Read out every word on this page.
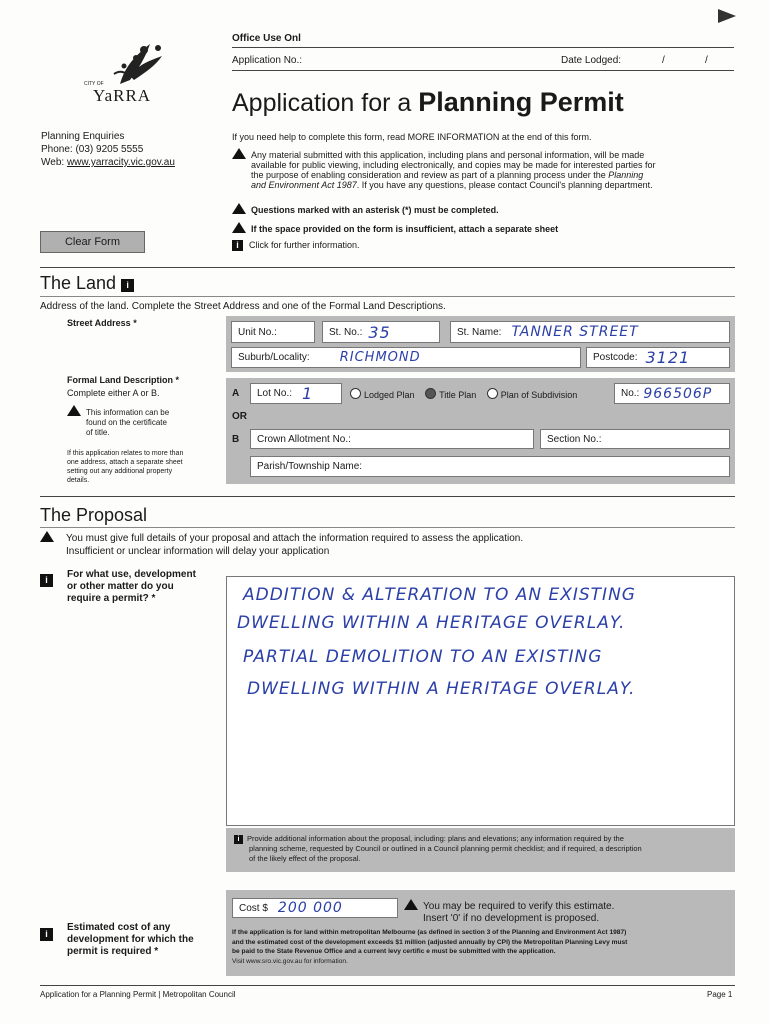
Office Use Onl
Application No.:	Date Lodged:	/	/
CITY OF
YaRRA	Application for a Planning Permit
Planning Enquiries
Phone: (03) 9205 5555
Web: www.yarracity.vic.gov.au
If you need help to complete this form, read MORE INFORMATION at the end of this form.
Any material submitted with this application, including plans and personal information, will be made
available for public viewing, including electronically, and copies may be made for interested parties for
the purpose of enabling consideration and review as part of a planning process under the Planning
and Environment Act 1987. If you have any questions, please contact Council's planning department.
Questions marked with an asterisk (*) must be completed.
If the space provided on the form is insufficient, attach a separate sheet
i Click for further information.
Clear Form
The Land i
Address of the land. Complete the Street Address and one of the Formal Land Descriptions.
Street Address *
Unit No.:	St. No.: 35	St. Name: TANNER STREET
Suburb/Locality: RICHMOND	Postcode: 3121
Formal Land Description *
Complete either A or B.
This information can be
found on the certificate
of title.
If this application relates to more than
one address, attach a separate sheet
setting out any additional property
details.
A Lot No.: 1	Lodged Plan	Title Plan	Plan of Subdivision	No.: 966506P
OR
B Crown Allotment No.:	Section No.:
Parish/Township Name:
The Proposal
You must give full details of your proposal and attach the information required to assess the application.
Insufficient or unclear information will delay your application
i	For what use, development
or other matter do you
require a permit? *	ADDITION & ALTERATION TO AN EXISTING
DWELLING WITHIN A HERITAGE OVERLAY.
PARTIAL DEMOLITION TO AN EXISTING
DWELLING WITHIN A HERITAGE OVERLAY.
i Provide additional information about the proposal, including: plans and elevations; any information required by the
planning scheme, requested by Council or outlined in a Council planning permit checklist; and if required, a description
of the likely effect of the proposal.
i
Estimated cost of any
development for which the
permit is required *
Cost $ 200 000	You may be required to verify this estimate.
Insert '0' if no development is proposed.
If the application is for land within metropolitan Melbourne (as defined in section 3 of the Planning and Environment Act 1987)
and the estimated cost of the development exceeds $1 million (adjusted annually by CPI) the Metropolitan Planning Levy must
be paid to the State Revenue Office and a current levy certific e must be submitted with the application.
Visit www.sro.vic.gov.au for information.
Application for a Planning Permit | Metropolitan Council	Page 1
